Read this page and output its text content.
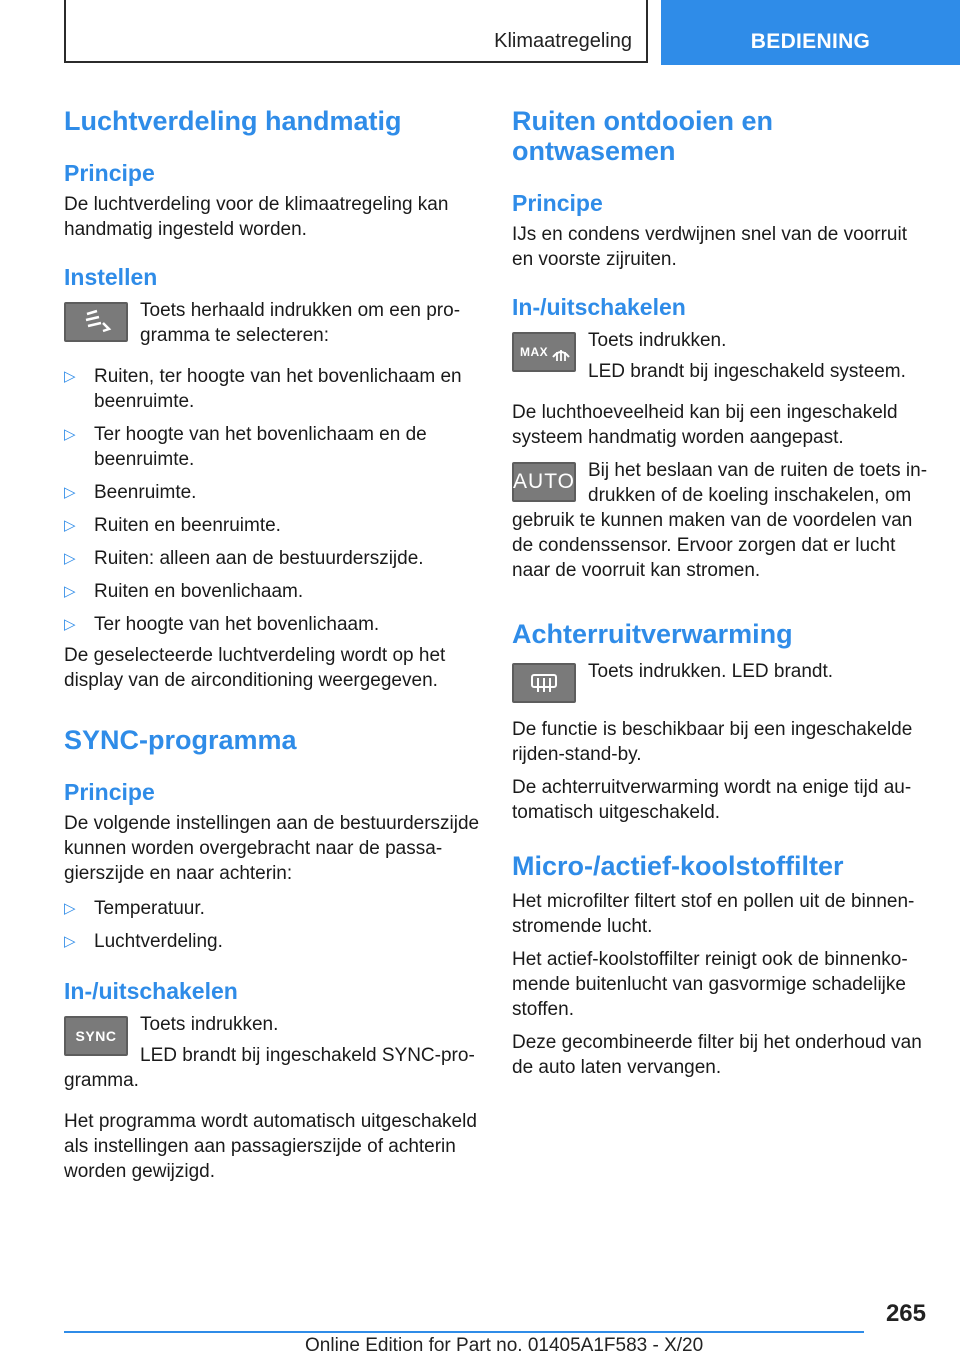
Klimaatregeling	BEDIENING
Luchtverdeling handmatig
Principe

De luchtverdeling voor de klimaatregeling kan handmatig ingesteld worden.

Instellen

Toets herhaald indrukken om een programma te selecteren:

▷ Ruiten, ter hoogte van het bovenlichaam en beenruimte.
▷ Ter hoogte van het bovenlichaam en de beenruimte.
▷ Beenruimte.
▷ Ruiten en beenruimte.
▷ Ruiten: alleen aan de bestuurderszijde.
▷ Ruiten en bovenlichaam.
▷ Ter hoogte van het bovenlichaam.

De geselecteerde luchtverdeling wordt op het display van de airconditioning weergegeven.

SYNC-programma
Principe

De volgende instellingen aan de bestuurderszijde kunnen worden overgebracht naar de passagierszijde en naar achterin:

▷ Temperatuur.
▷ Luchtverdeling.
In-/uitschakelen
SYNC

Toets indrukken.

LED brandt bij ingeschakeld SYNC-programma.

Het programma wordt automatisch uitgeschakeld als instellingen aan passagierszijde of achterin worden gewijzigd.

Ruiten ontdooien en ontwasemen
Principe

IJs en condens verdwijnen snel van de voorruit en voorste zijruiten.

In-/uitschakelen
MAX

Toets indrukken.

LED brandt bij ingeschakeld systeem.

De luchthoeveelheid kan bij een ingeschakeld systeem handmatig worden aangepast.

AUTO Bij het beslaan van de ruiten de toets indrukken of de koeling inschakelen, om gebruik te kunnen maken van de voordelen van de condenssensor. Ervoor zorgen dat er lucht naar de voorruit kan stromen.

Achterruitverwarming

Toets indrukken. LED brandt.

De functie is beschikbaar bij een ingeschakelde rijden-stand-by.

De achterruitverwarming wordt na enige tijd automatisch uitgeschakeld.

Micro-/actief-koolstoffilter

Het microfilter filtert stof en pollen uit de binnenstromende lucht.

Het actief-koolstoffilter reinigt ook de binnenkomende buitenlucht van gasvormige schadelijke stoffen.

Deze gecombineerde filter bij het onderhoud van de auto laten vervangen.

265
Online Edition for Part no. 01405A1F583 - X/20
